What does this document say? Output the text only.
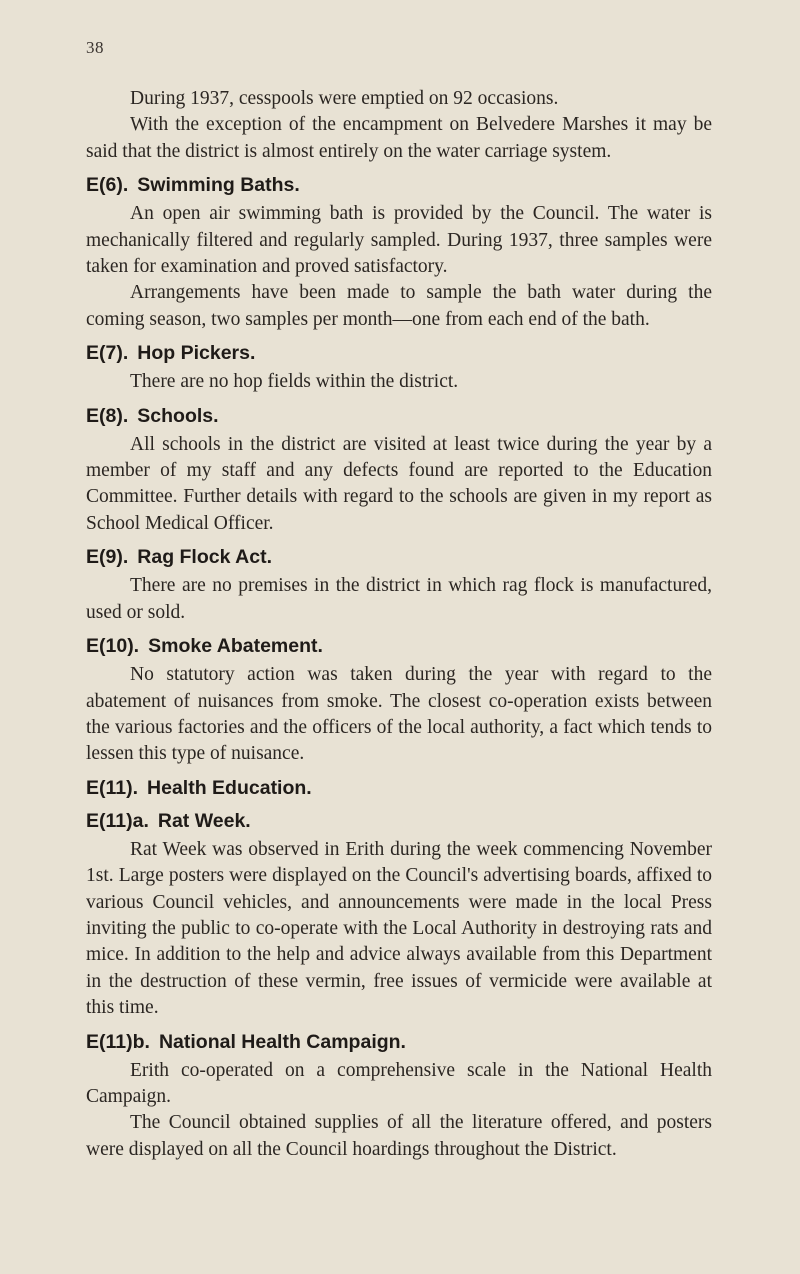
38

During 1937, cesspools were emptied on 92 occasions.

With the exception of the encampment on Belvedere Marshes it may be said that the district is almost entirely on the water carriage system.

E(6). Swimming Baths.

An open air swimming bath is provided by the Council. The water is mechanically filtered and regularly sampled. During 1937, three samples were taken for examination and proved satisfactory.

Arrangements have been made to sample the bath water during the coming season, two samples per month—one from each end of the bath.

E(7). Hop Pickers.

There are no hop fields within the district.

E(8). Schools.

All schools in the district are visited at least twice during the year by a member of my staff and any defects found are reported to the Education Committee. Further details with regard to the schools are given in my report as School Medical Officer.

E(9). Rag Flock Act.

There are no premises in the district in which rag flock is manufactured, used or sold.

E(10). Smoke Abatement.

No statutory action was taken during the year with regard to the abatement of nuisances from smoke. The closest co-operation exists between the various factories and the officers of the local authority, a fact which tends to lessen this type of nuisance.

E(11). Health Education.
E(11)a. Rat Week.

Rat Week was observed in Erith during the week commencing November 1st. Large posters were displayed on the Council's advertising boards, affixed to various Council vehicles, and announcements were made in the local Press inviting the public to co-operate with the Local Authority in destroying rats and mice. In addition to the help and advice always available from this Department in the destruction of these vermin, free issues of vermicide were available at this time.

E(11)b. National Health Campaign.

Erith co-operated on a comprehensive scale in the National Health Campaign.

The Council obtained supplies of all the literature offered, and posters were displayed on all the Council hoardings throughout the District.
